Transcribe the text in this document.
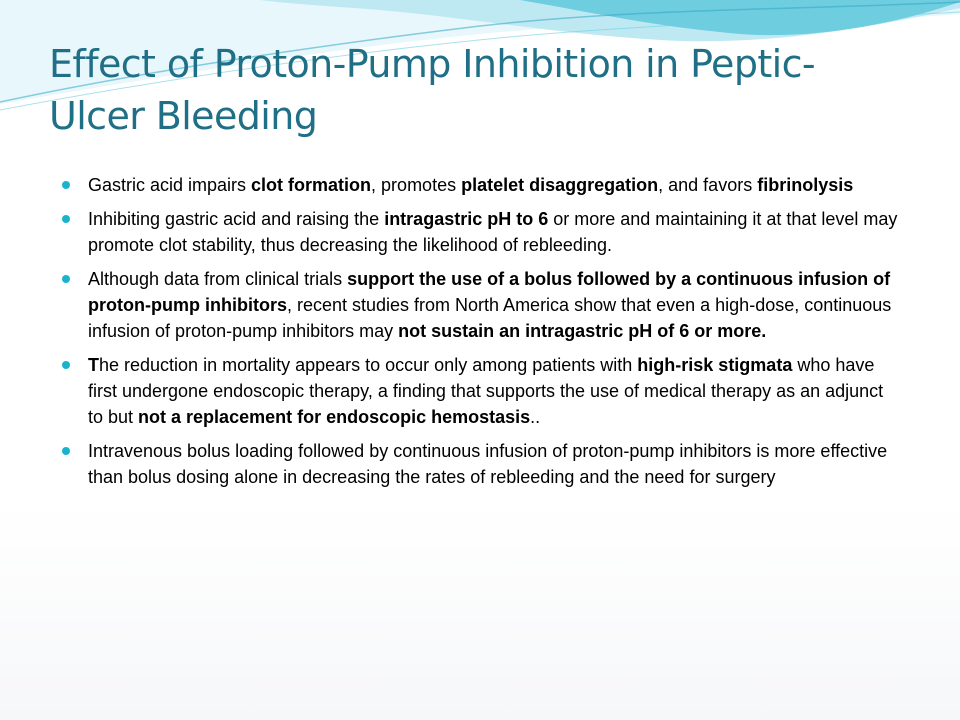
Effect of Proton-Pump Inhibition in Peptic-Ulcer Bleeding
Gastric acid impairs clot formation, promotes platelet disaggregation, and favors fibrinolysis
Inhibiting gastric acid and raising the intragastric pH to 6 or more and maintaining it at that level may promote clot stability, thus decreasing the likelihood of rebleeding.
Although data from clinical trials support the use of a bolus followed by a continuous infusion of proton-pump inhibitors, recent studies from North America show that even a high-dose, continuous infusion of proton-pump inhibitors may not sustain an intragastric pH of 6 or more.
The reduction in mortality appears to occur only among patients with high-risk stigmata who have first undergone endoscopic therapy, a finding that supports the use of medical therapy as an adjunct to but not a replacement for endoscopic hemostasis..
Intravenous bolus loading followed by continuous infusion of proton-pump inhibitors is more effective than bolus dosing alone in decreasing the rates of rebleeding and the need for surgery
